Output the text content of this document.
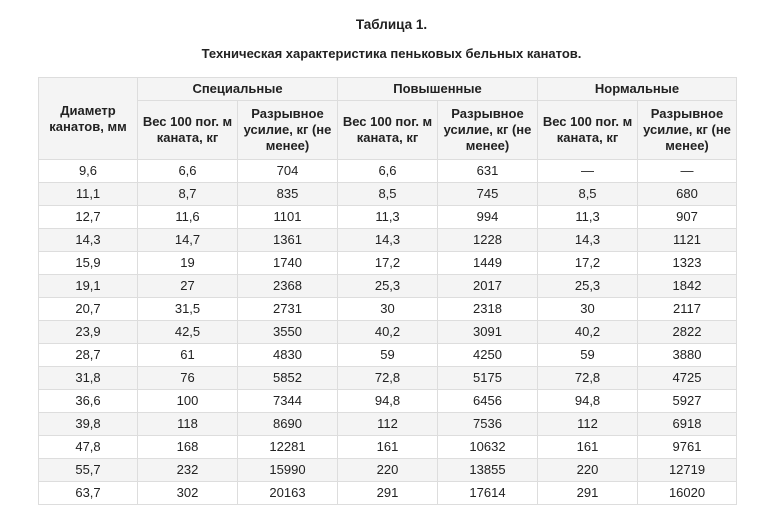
Таблица 1.
Техническая характеристика пеньковых бельных канатов.
Диаметр канатов, мм	Специальные		Повышенные		Нормальные	
	Вес 100 пог. м каната, кг	Разрывное усилие, кг (не менее)	Вес 100 пог. м каната, кг	Разрывное усилие, кг (не менее)	Вес 100 пог. м каната, кг	Разрывное усилие, кг (не менее)
9,6	6,6	704	6,6	631	—	—
11,1	8,7	835	8,5	745	8,5	680
12,7	11,6	1101	11,3	994	11,3	907
14,3	14,7	1361	14,3	1228	14,3	1121
15,9	19	1740	17,2	1449	17,2	1323
19,1	27	2368	25,3	2017	25,3	1842
20,7	31,5	2731	30	2318	30	2117
23,9	42,5	3550	40,2	3091	40,2	2822
28,7	61	4830	59	4250	59	3880
31,8	76	5852	72,8	5175	72,8	4725
36,6	100	7344	94,8	6456	94,8	5927
39,8	118	8690	112	7536	112	6918
47,8	168	12281	161	10632	161	9761
55,7	232	15990	220	13855	220	12719
63,7	302	20163	291	17614	291	16020
